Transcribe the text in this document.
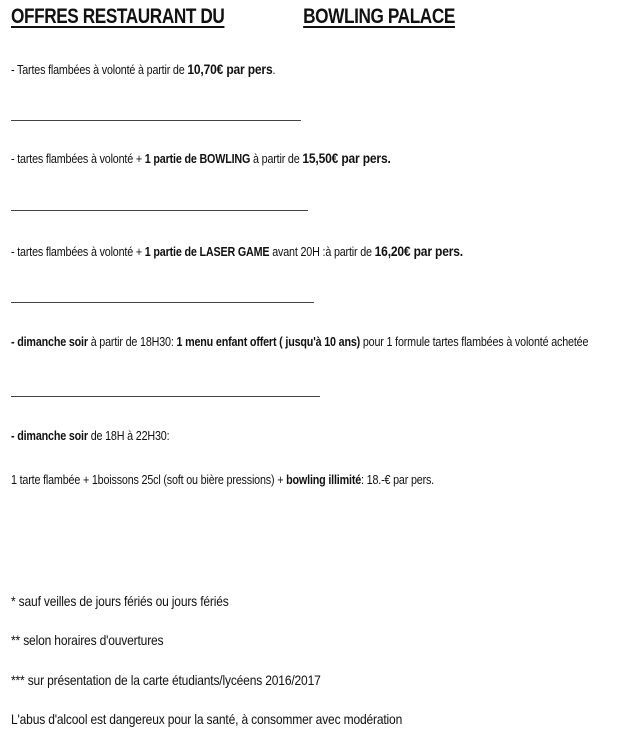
OFFRES RESTAURANT DU	BOWLING PALACE
- Tartes flambées à volonté à partir de 10,70€ par pers.
- tartes flambées à volonté + 1 partie de BOWLING à partir de 15,50€ par pers.
- tartes flambées à volonté + 1 partie de LASER GAME avant 20H :à partir de 16,20€ par pers.
- dimanche soir à partir de 18H30: 1 menu enfant offert ( jusqu'à 10 ans) pour 1 formule tartes flambées à volonté achetée
- dimanche soir de 18H à 22H30:
1 tarte flambée + 1boissons 25cl (soft ou bière pressions) + bowling illimité: 18.-€ par pers.
* sauf veilles de jours fériés ou jours fériés
** selon horaires d'ouvertures
*** sur présentation de la carte étudiants/lycéens 2016/2017
L'abus d'alcool est dangereux pour la santé, à consommer avec modération
